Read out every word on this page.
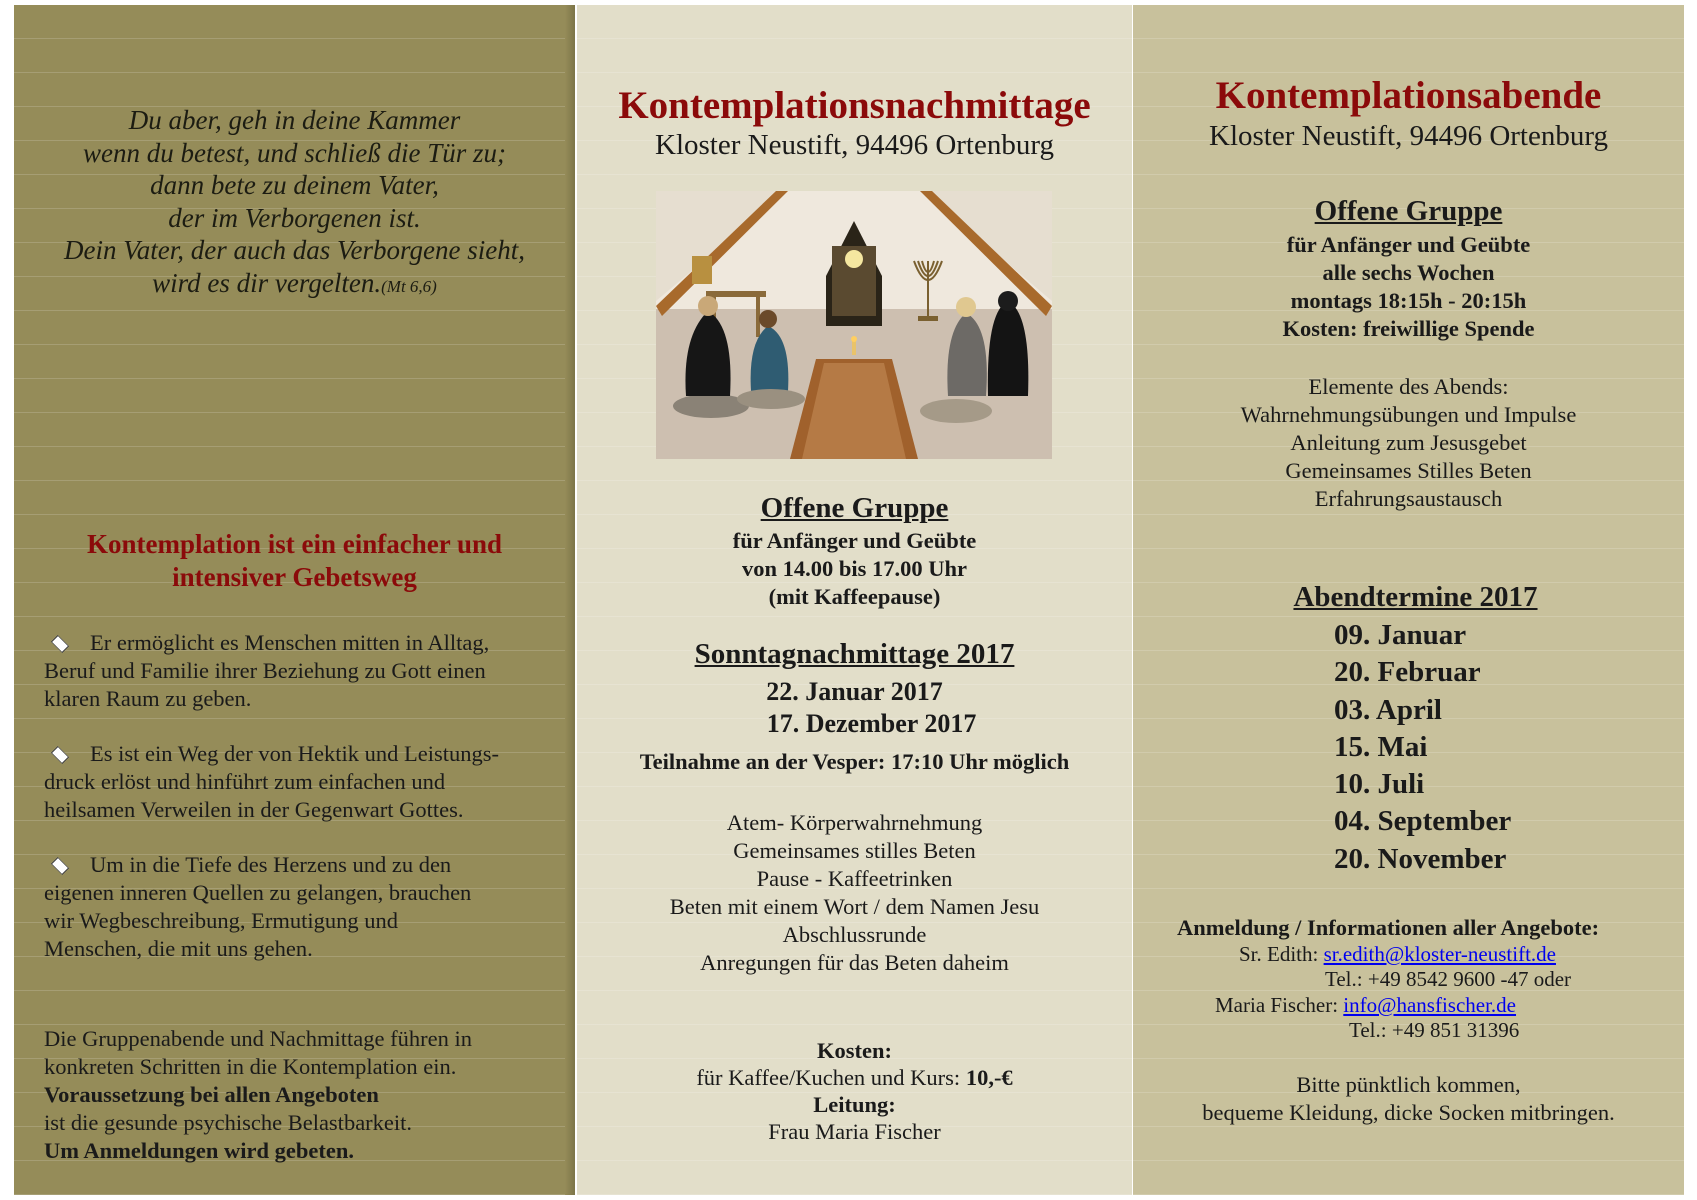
Du aber, geh in deine Kammer
wenn du betest, und schließ die Tür zu;
dann bete zu deinem Vater,
der im Verborgenen ist.
Dein Vater, der auch das Verborgene sieht,
wird es dir vergelten.(Mt 6,6)
Kontemplation ist ein einfacher und
intensiver Gebetsweg
Er ermöglicht es Menschen mitten in Alltag,
Beruf und Familie ihrer Beziehung zu Gott einen
klaren Raum zu geben.
Es ist ein Weg der von Hektik und Leistungs-
druck erlöst und hinführt zum einfachen und
heilsamen Verweilen in der Gegenwart Gottes.
Um in die Tiefe des Herzens und zu den
eigenen inneren Quellen zu gelangen, brauchen
wir Wegbeschreibung, Ermutigung und
Menschen, die mit uns gehen.
Die Gruppenabende und Nachmittage führen in
konkreten Schritten in die Kontemplation ein.
Voraussetzung bei allen Angeboten
ist die gesunde psychische Belastbarkeit.
Um Anmeldungen wird gebeten.
Kontemplationsnachmittage
Kloster Neustift, 94496 Ortenburg
Offene Gruppe
für Anfänger und Geübte
von 14.00 bis 17.00 Uhr
(mit Kaffeepause)
Sonntagnachmittage 2017
22. Januar 2017
17. Dezember 2017
Teilnahme an der Vesper: 17:10 Uhr möglich
Atem- Körperwahrnehmung
Gemeinsames stilles Beten
Pause - Kaffeetrinken
Beten mit einem Wort / dem Namen Jesu
Abschlussrunde
Anregungen für das Beten daheim
Kosten:
für Kaffee/Kuchen und Kurs: 10,-€
Leitung:
Frau Maria Fischer
Kontemplationsabende
Kloster Neustift, 94496 Ortenburg
Offene Gruppe
für Anfänger und Geübte
alle sechs Wochen
montags 18:15h - 20:15h
Kosten: freiwillige Spende
Elemente des Abends:
Wahrnehmungsübungen und Impulse
Anleitung zum Jesusgebet
Gemeinsames Stilles Beten
Erfahrungsaustausch
Abendtermine 2017
09. Januar
20. Februar
03. April
15. Mai
10. Juli
04. September
20. November
Anmeldung / Informationen aller Angebote:
Sr. Edith: sr.edith@kloster-neustift.de
Tel.: +49 8542 9600 -47 oder
Maria Fischer: info@hansfischer.de
Tel.: +49 851 31396
Bitte pünktlich kommen,
bequeme Kleidung, dicke Socken mitbringen.
